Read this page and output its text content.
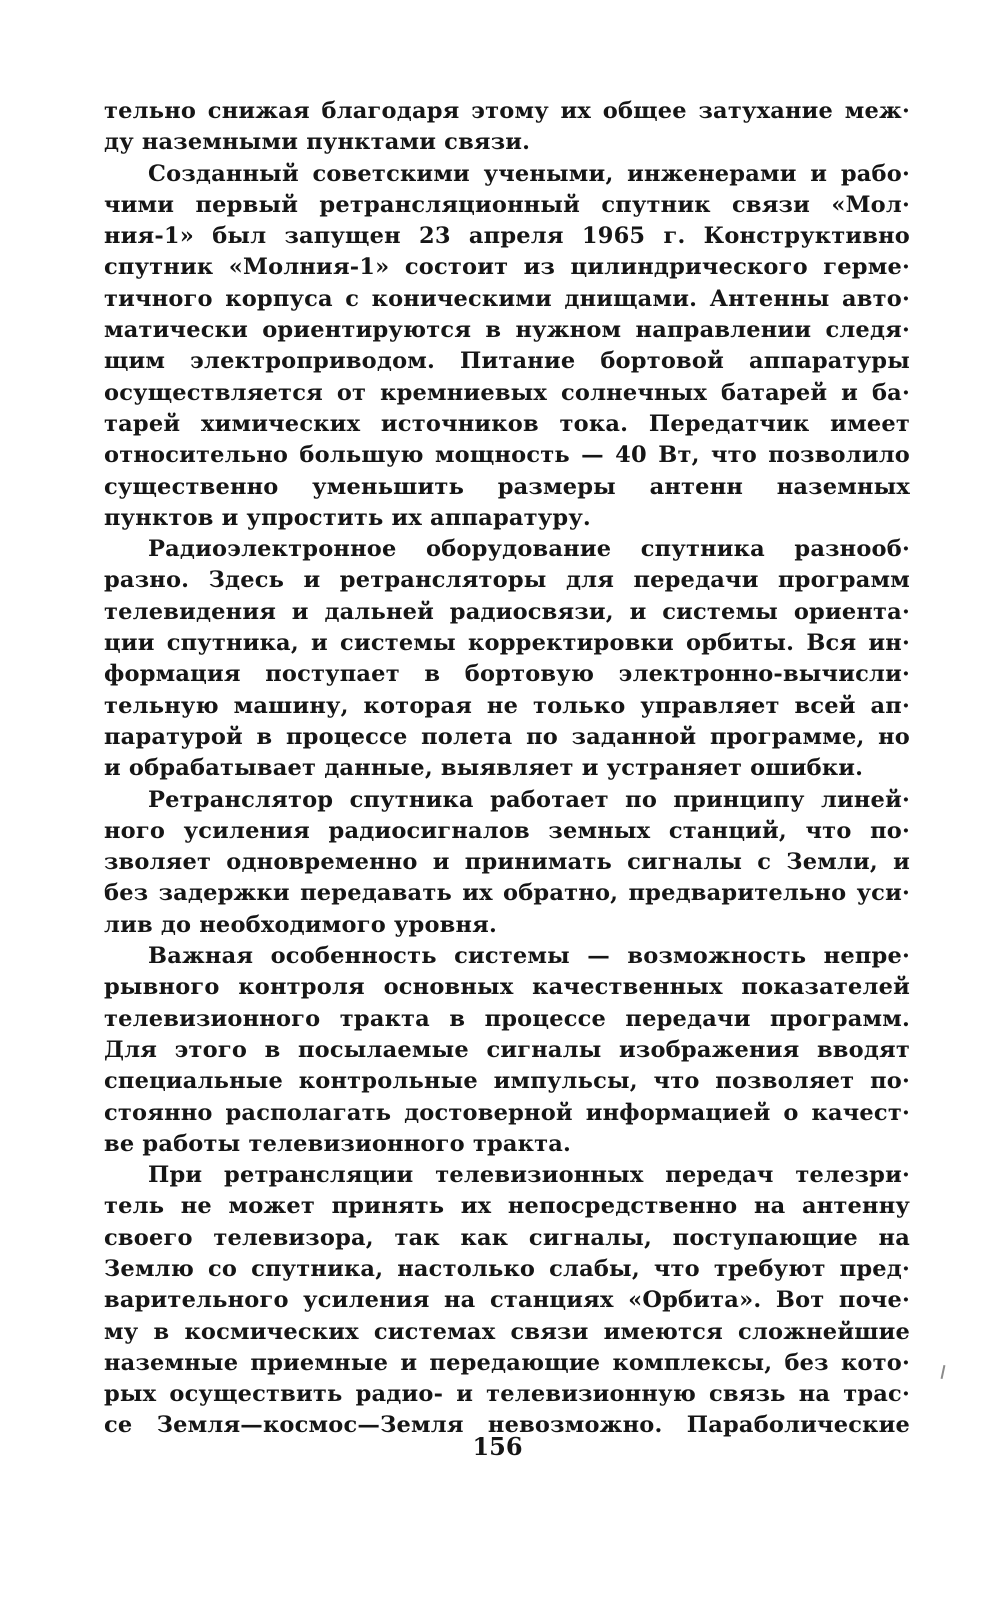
тельно снижая благодаря этому их общее затухание меж·
ду наземными пунктами связи.
Созданный советскими учеными, инженерами и рабо·
чими первый ретрансляционный спутник связи «Мол·
ния-1» был запущен 23 апреля 1965 г. Конструктивно
спутник «Молния-1» состоит из цилиндрического герме·
тичного корпуса с коническими днищами. Антенны авто·
матически ориентируются в нужном направлении следя·
щим электроприводом. Питание бортовой аппаратуры
осуществляется от кремниевых солнечных батарей и ба·
тарей химических источников тока. Передатчик имеет
относительно большую мощность — 40 Вт, что позволило
существенно уменьшить размеры антенн наземных
пунктов и упростить их аппаратуру.
Радиоэлектронное оборудование спутника разнооб·
разно. Здесь и ретрансляторы для передачи программ
телевидения и дальней радиосвязи, и системы ориента·
ции спутника, и системы корректировки орбиты. Вся ин·
формация поступает в бортовую электронно-вычисли·
тельную машину, которая не только управляет всей ап·
паратурой в процессе полета по заданной программе, но
и обрабатывает данные, выявляет и устраняет ошибки.
Ретранслятор спутника работает по принципу линей·
ного усиления радиосигналов земных станций, что по·
зволяет одновременно и принимать сигналы с Земли, и
без задержки передавать их обратно, предварительно уси·
лив до необходимого уровня.
Важная особенность системы — возможность непре·
рывного контроля основных качественных показателей
телевизионного тракта в процессе передачи программ.
Для этого в посылаемые сигналы изображения вводят
специальные контрольные импульсы, что позволяет по·
стоянно располагать достоверной информацией о качест·
ве работы телевизионного тракта.
При ретрансляции телевизионных передач телезри·
тель не может принять их непосредственно на антенну
своего телевизора, так как сигналы, поступающие на
Землю со спутника, настолько слабы, что требуют пред·
варительного усиления на станциях «Орбита». Вот поче·
му в космических системах связи имеются сложнейшие
наземные приемные и передающие комплексы, без кото·
рых осуществить радио- и телевизионную связь на трас·
се Земля—космос—Земля невозможно. Параболические
156
